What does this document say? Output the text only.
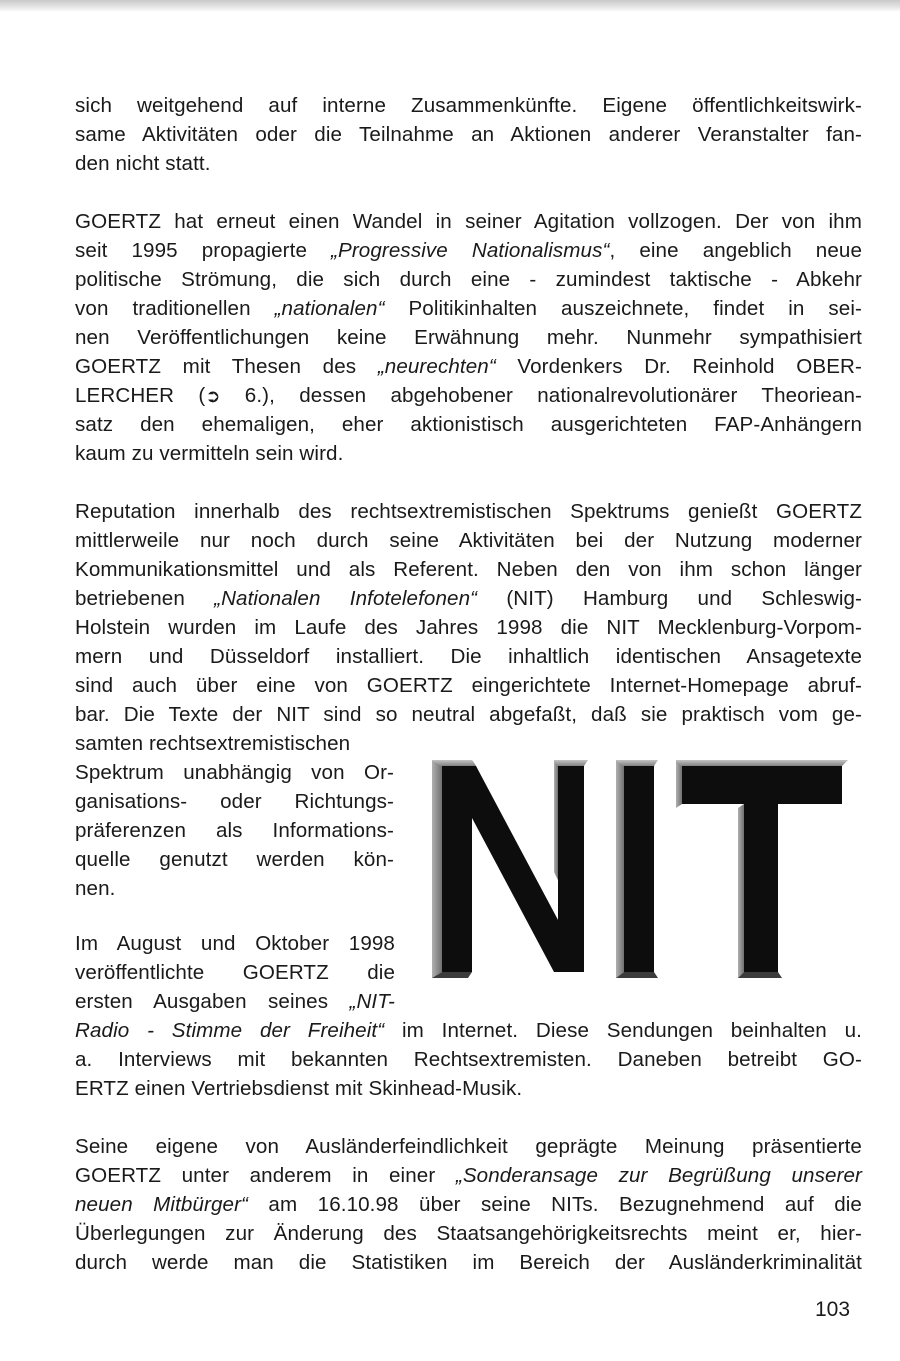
sich weitgehend auf interne Zusammenkünfte. Eigene öffentlichkeitswirk-
same Aktivitäten oder die Teilnahme an Aktionen anderer Veranstalter fan-
den nicht statt.
GOERTZ hat erneut einen Wandel in seiner Agitation vollzogen. Der von ihm
seit 1995 propagierte „Progressive Nationalismus“, eine angeblich neue
politische Strömung, die sich durch eine - zumindest taktische - Abkehr
von traditionellen „nationalen“ Politikinhalten auszeichnete, findet in sei-
nen Veröffentlichungen keine Erwähnung mehr. Nunmehr sympathisiert
GOERTZ mit Thesen des „neurechten“ Vordenkers Dr. Reinhold OBER-
LERCHER (➲ 6.), dessen abgehobener nationalrevolutionärer Theoriean-
satz den ehemaligen, eher aktionistisch ausgerichteten FAP-Anhängern
kaum zu vermitteln sein wird.
Reputation innerhalb des rechtsextremistischen Spektrums genießt GOERTZ
mittlerweile nur noch durch seine Aktivitäten bei der Nutzung moderner
Kommunikationsmittel und als Referent. Neben den von ihm schon länger
betriebenen „Nationalen Infotelefonen“ (NIT) Hamburg und Schleswig-
Holstein wurden im Laufe des Jahres 1998 die NIT Mecklenburg-Vorpom-
mern und Düsseldorf installiert. Die inhaltlich identischen Ansagetexte
sind auch über eine von GOERTZ eingerichtete Internet-Homepage abruf-
bar. Die Texte der NIT sind so neutral abgefaßt, daß sie praktisch vom ge-
samten rechtsextremistischen
Spektrum unabhängig von Or-
ganisations- oder Richtungs-
präferenzen als Informations-
quelle genutzt werden kön-
nen.
Im August und Oktober 1998
veröffentlichte GOERTZ die
ersten Ausgaben seines „NIT-
Radio - Stimme der Freiheit“ im Internet. Diese Sendungen beinhalten u.
a. Interviews mit bekannten Rechtsextremisten. Daneben betreibt GO-
ERTZ einen Vertriebsdienst mit Skinhead-Musik.
Seine eigene von Ausländerfeindlichkeit geprägte Meinung präsentierte
GOERTZ unter anderem in einer „Sonderansage zur Begrüßung unserer
neuen Mitbürger“ am 16.10.98 über seine NITs. Bezugnehmend auf die
Überlegungen zur Änderung des Staatsangehörigkeitsrechts meint er, hier-
durch werde man die Statistiken im Bereich der Ausländerkriminalität
103
